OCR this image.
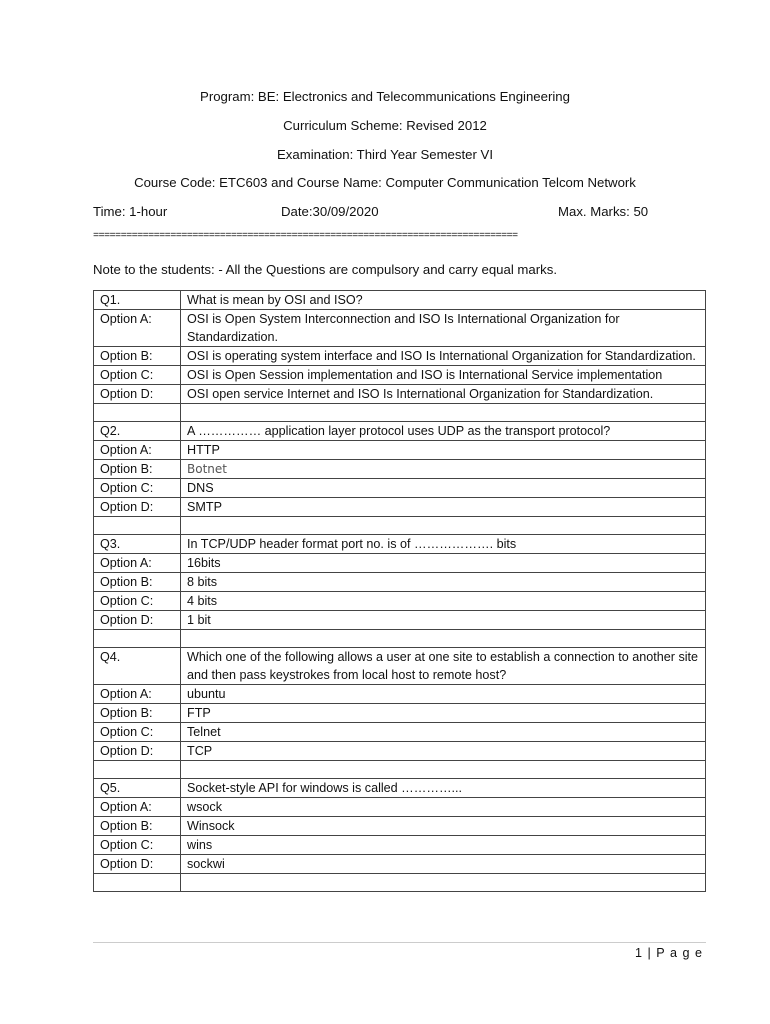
Program: BE: Electronics and Telecommunications Engineering
Curriculum Scheme: Revised 2012
Examination: Third Year Semester VI
Course Code: ETC603 and Course Name: Computer Communication Telcom Network
Time: 1-hour	Date:30/09/2020	Max. Marks: 50
=============================================================================
Note to the students: - All the Questions are compulsory and carry equal marks.
Q1.	What is mean by OSI and ISO?
Option A:	OSI is Open System Interconnection and ISO Is International Organization for Standardization.
Option B:	OSI is operating system interface and ISO Is International Organization for Standardization.
Option C:	OSI is Open Session implementation and ISO is International Service implementation
Option D:	OSI open service Internet and ISO Is International Organization for Standardization.

Q2.	A …………… application layer protocol uses UDP as the transport protocol?
Option A:	HTTP
Option B:	Botnet
Option C:	DNS
Option D:	SMTP

Q3.	In TCP/UDP header format port no. is of ………………. bits
Option A:	16bits
Option B:	8 bits
Option C:	4 bits
Option D:	1 bit

Q4.	Which one of the following allows a user at one site to establish a connection to another site and then pass keystrokes from local host to remote host?
Option A:	ubuntu
Option B:	FTP
Option C:	Telnet
Option D:	TCP

Q5.	Socket-style API for windows is called …………...
Option A:	wsock
Option B:	Winsock
Option C:	wins
Option D:	sockwi

1 | P a g e
